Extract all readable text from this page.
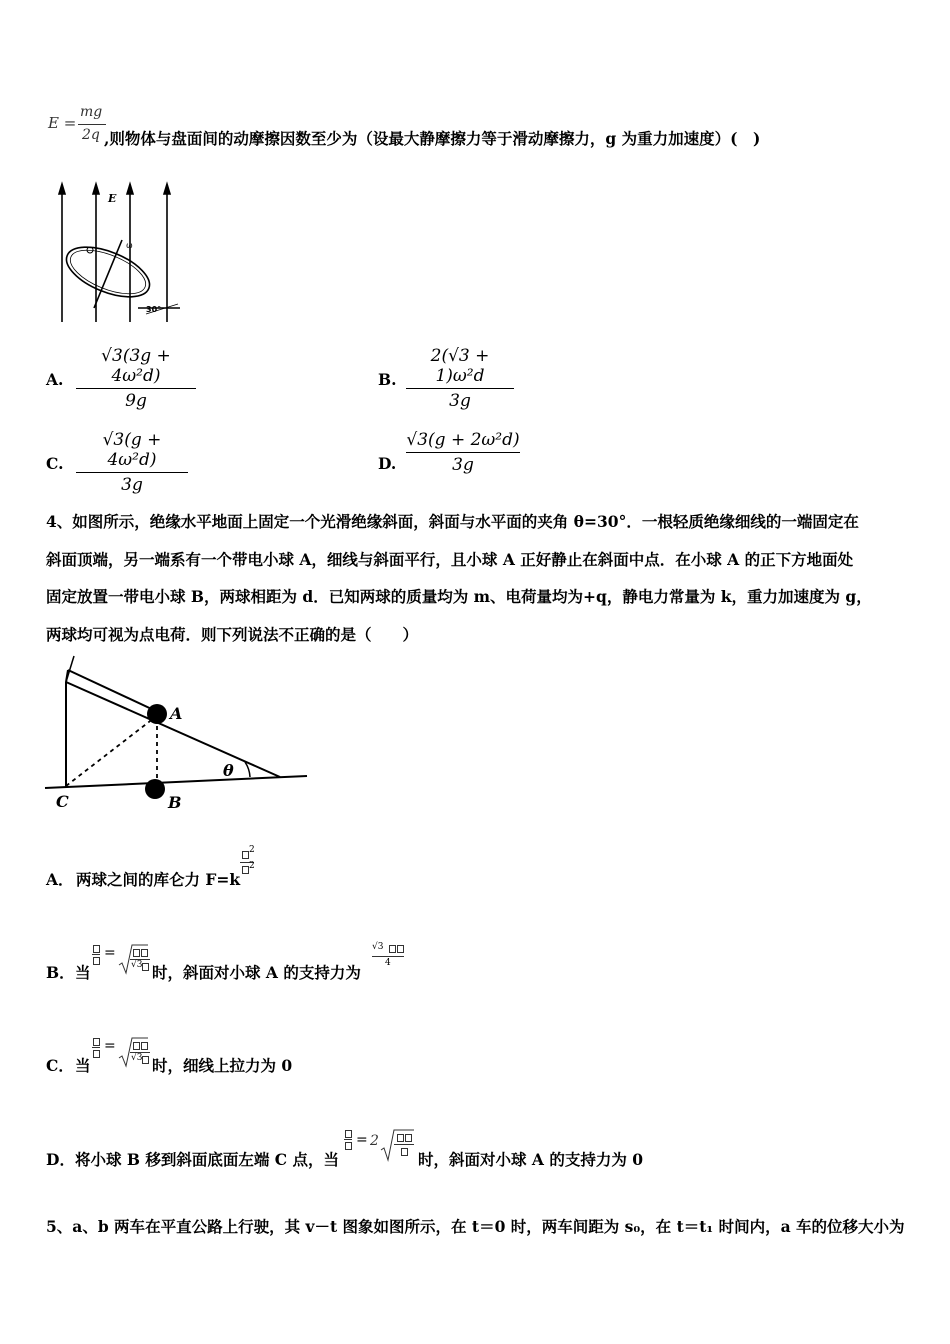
E =
mg
2q ,则物体与盘面间的动摩擦因数至少为（设最大静摩擦力等于滑动摩擦力，g 为重力加速度）(　)
E
30°
ω
A. $\frac{\text{√3(3g + 4ω²d)}}{9g}$	B. $\frac{\text{2(√3 + 1)ω²d}}{3g}$
C. $\frac{\text{√3(g + 4ω²d)}}{3g}$	D. $\frac{\text{√3(g + 2ω²d)}}{3g}$
4、如图所示，绝缘水平地面上固定一个光滑绝缘斜面，斜面与水平面的夹角 θ=30°．一根轻质绝缘细线的一端固定在
斜面顶端，另一端系有一个带电小球 A，细线与斜面平行，且小球 A 正好静止在斜面中点．在小球 A 的正下方地面处
固定放置一带电小球 B，两球相距为 d．已知两球的质量均为 m、电荷量均为+q，静电力常量为 k，重力加速度为 g，
两球均可视为点电荷．则下列说法不正确的是（　　）
A
B
C
θ
A． 两球之间的库仑力 F=k
2
2
B． 当
=
√3 时，斜面对小球 A 的支持力为
√3
4
C． 当
=
√3 时，细线上拉力为 0
D． 将小球 B 移到斜面底面左端 C 点，当
= 2
时，斜面对小球 A 的支持力为 0
5、a、b 两车在平直公路上行驶，其 v－t 图象如图所示，在 t＝0 时，两车间距为 s₀，在 t＝t₁ 时间内，a 车的位移大小为
